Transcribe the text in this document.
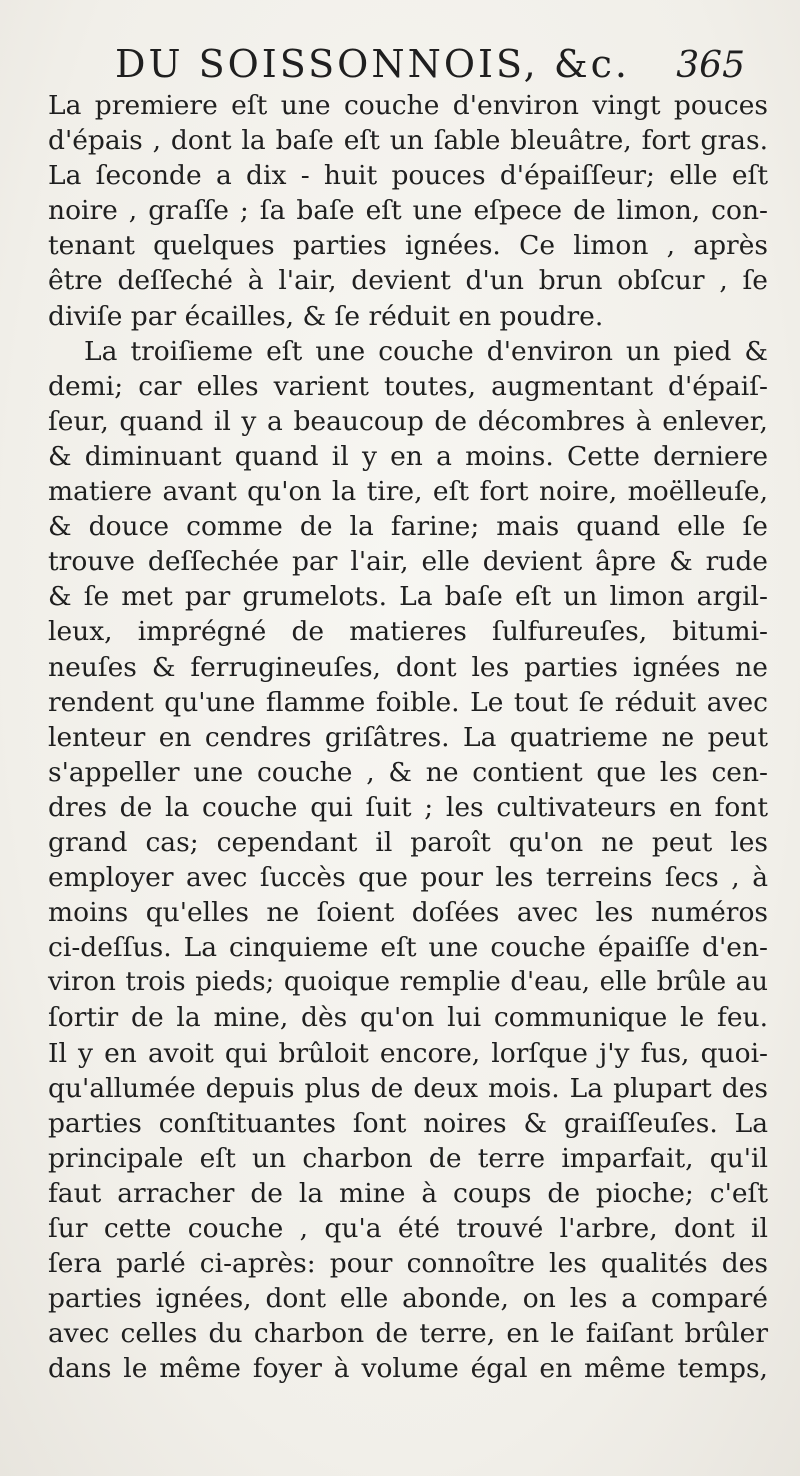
DU SOISSONNOIS, &c. 365
La premiere eſt une couche d'environ vingt pouces
d'épais , dont la baſe eſt un ſable bleuâtre, fort gras.
La ſeconde a dix - huit pouces d'épaiſſeur; elle eſt
noire , graſſe ; ſa baſe eſt une eſpece de limon, con-
tenant quelques parties ignées. Ce limon , après
être deſſeché à l'air, devient d'un brun obſcur , ſe
diviſe par écailles, & ſe réduit en poudre.
La troiſieme eſt une couche d'environ un pied &
demi; car elles varient toutes, augmentant d'épaiſ-
ſeur, quand il y a beaucoup de décombres à enlever,
& diminuant quand il y en a moins. Cette derniere
matiere avant qu'on la tire, eſt fort noire, moëlleuſe,
& douce comme de la farine; mais quand elle ſe
trouve deſſechée par l'air, elle devient âpre & rude
& ſe met par grumelots. La baſe eſt un limon argil-
leux, imprégné de matieres ſulfureuſes, bitumi-
neuſes & ferrugineuſes, dont les parties ignées ne
rendent qu'une flamme foible. Le tout ſe réduit avec
lenteur en cendres griſâtres. La quatrieme ne peut
s'appeller une couche , & ne contient que les cen-
dres de la couche qui ſuit ; les cultivateurs en font
grand cas; cependant il paroît qu'on ne peut les
employer avec ſuccès que pour les terreins ſecs , à
moins qu'elles ne ſoient doſées avec les numéros
ci-deſſus. La cinquieme eſt une couche épaiſſe d'en-
viron trois pieds; quoique remplie d'eau, elle brûle au
ſortir de la mine, dès qu'on lui communique le feu.
Il y en avoit qui brûloit encore, lorſque j'y fus, quoi-
qu'allumée depuis plus de deux mois. La plupart des
parties conſtituantes ſont noires & graiſſeuſes. La
principale eſt un charbon de terre imparfait, qu'il
faut arracher de la mine à coups de pioche; c'eſt
ſur cette couche , qu'a été trouvé l'arbre, dont il
ſera parlé ci-après: pour connoître les qualités des
parties ignées, dont elle abonde, on les a comparé
avec celles du charbon de terre, en le faiſant brûler
dans le même foyer à volume égal en même temps,
